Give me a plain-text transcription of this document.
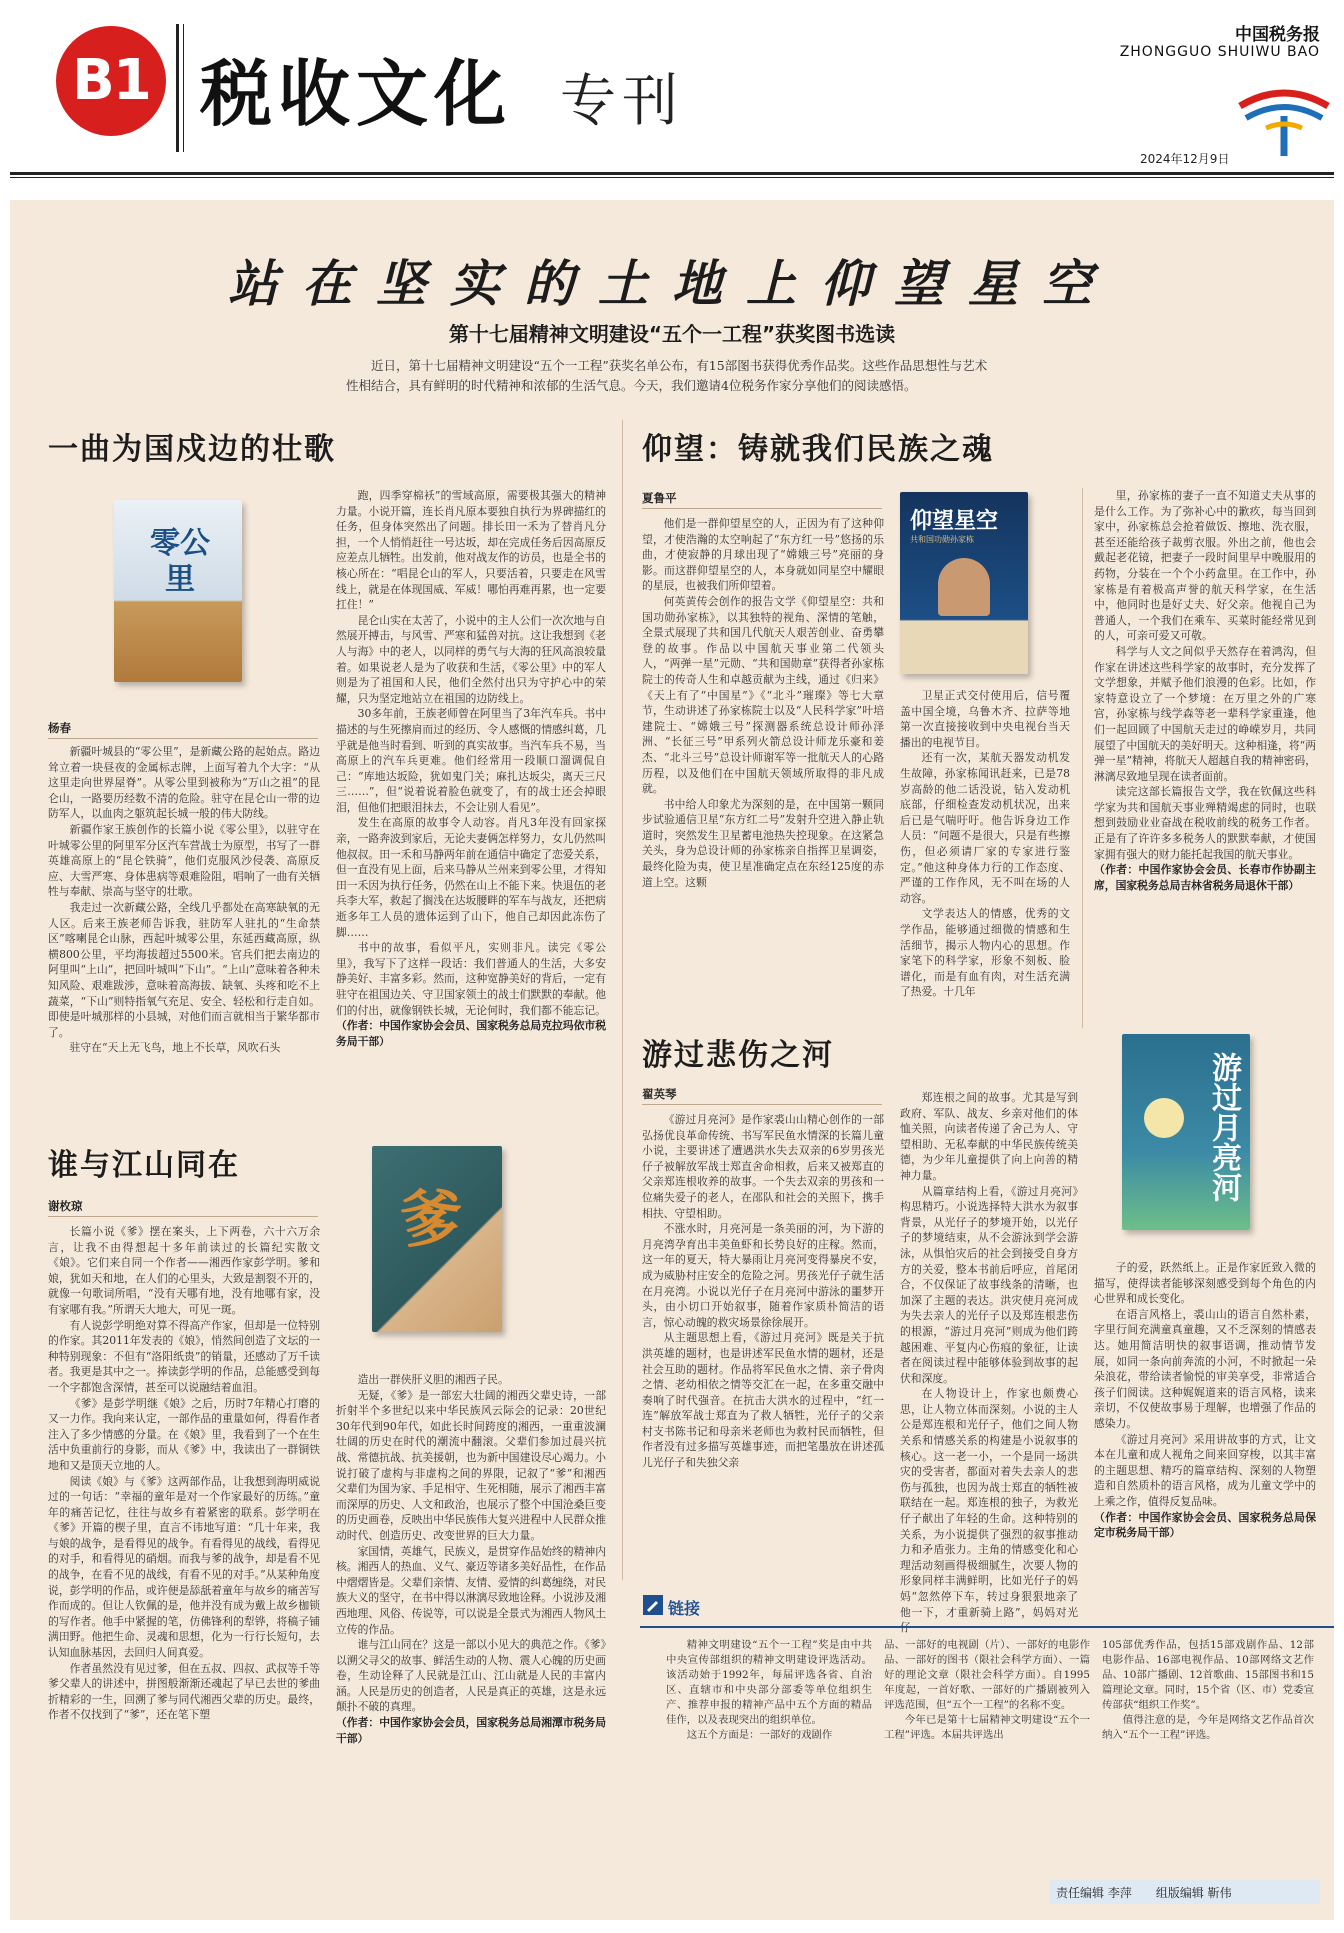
B1 税收文化 专刊
中国税务报
ZHONGGUO SHUIWU BAO
2024年12月9日
站在坚实的土地上仰望星空
第十七届精神文明建设“五个一工程”获奖图书选读
近日，第十七届精神文明建设“五个一工程”获奖名单公布，有15部图书获得优秀作品奖。这些作品思想性与艺术性相结合，具有鲜明的时代精神和浓郁的生活气息。今天，我们邀请4位税务作家分享他们的阅读感悟。
一曲为国戍边的壮歌
零公里
杨春

新疆叶城县的“零公里”，是新藏公路的起始点。路边耸立着一块昼夜的金属标志牌，上面写着九个大字：“从这里走向世界屋脊”。从零公里到被称为“万山之祖”的昆仑山，一路要历经数不清的危险。驻守在昆仑山一带的边防军人，以血肉之躯筑起长城一般的伟大防线。

新疆作家王族创作的长篇小说《零公里》，以驻守在叶城零公里的阿里军分区汽车营战士为原型，书写了一群英雄高原上的“昆仑铁骑”，他们克服风沙侵袭、高原反应、大雪严寒、身体患病等艰难险阻，唱响了一曲有关牺牲与奉献、崇高与坚守的壮歌。

我走过一次新藏公路，全线几乎都处在高寒缺氧的无人区。后来王族老师告诉我，驻防军人驻扎的“生命禁区”喀喇昆仑山脉，西起叶城零公里，东延西藏高原，纵横800公里，平均海拔超过5500米。官兵们把去南边的阿里叫“上山”，把回叶城叫“下山”。“上山”意味着各种未知风险、艰难跋涉，意味着高海拔、缺氧、头疼和吃不上蔬菜，“下山”则特指氧气充足、安全、轻松和行走自如。即使是叶城那样的小县城，对他们而言就相当于繁华都市了。

驻守在“天上无飞鸟，地上不长草，风吹石头

跑，四季穿棉袄”的雪域高原，需要极其强大的精神力量。小说开篇，连长肖凡原本要独自执行为界碑描红的任务，但身体突然出了问题。排长田一禾为了替肖凡分担，一个人悄悄赶往一号达坂，却在完成任务后因高原反应差点儿牺牲。出发前，他对战友作的访员，也是全书的核心所在：“唱昆仑山的军人，只要活着，只要走在风雪线上，就是在体现国威、军威！哪怕再难再累，也一定要扛住！”

昆仑山实在太苦了，小说中的主人公们一次次地与自然展开搏击，与风雪、严寒和猛兽对抗。这让我想到《老人与海》中的老人，以同样的勇气与大海的狂风高浪较量着。如果说老人是为了收获和生活，《零公里》中的军人则是为了祖国和人民，他们全然付出只为守护心中的荣耀，只为坚定地站立在祖国的边防线上。

30多年前，王族老师曾在阿里当了3年汽车兵。书中描述的与生死擦肩而过的经历、令人感慨的情感纠葛，几乎就是他当时看到、听到的真实故事。当汽车兵不易，当高原上的汽车兵更难。他们经常用一段顺口溜调侃自己：“库地达坂险，犹如鬼门关；麻扎达坂尖，离天三尺三……”，但“说着说着脸色就变了，有的战士还会掉眼泪，但他们把眼泪抹去，不会让别人看见”。

发生在高原的故事令人动容。肖凡3年没有回家探亲，一路奔波到家后，无论夫妻俩怎样努力，女儿仍然叫他叔叔。田一禾和马静两年前在通信中确定了恋爱关系，但一直没有见上面，后来马静从兰州来到零公里，才得知田一禾因为执行任务，仍然在山上不能下来。快退伍的老兵李大军，救起了搁浅在达坂腰畔的军车与战友，还把病逝多年工人员的遗体运到了山下，他自己却因此冻伤了脚……

书中的故事，看似平凡，实则非凡。读完《零公里》，我写下了这样一段话：我们普通人的生活，大多安静美好、丰富多彩。然而，这种宽静美好的背后，一定有驻守在祖国边关、守卫国家领土的战士们默默的奉献。他们的付出，就像钢铁长城，无论何时，我们都不能忘记。

（作者：中国作家协会会员、国家税务总局克拉玛依市税务局干部）

谁与江山同在
谢枚琼

长篇小说《爹》摆在案头，上下两卷，六十六万余言，让我不由得想起十多年前读过的长篇纪实散文《娘》。它们来自同一个作者——湘西作家彭学明。爹和娘，犹如天和地，在人们的心里头，大致是割裂不开的，就像一句歌词所唱，“没有天哪有地，没有地哪有家，没有家哪有我。”所谓天大地大，可见一斑。

有人说彭学明绝对算不得高产作家，但却是一位特别的作家。其2011年发表的《娘》，悄然间创造了文坛的一种特别现象：不但有“洛阳纸贵”的销量，还感动了万千读者。我更是其中之一。捧读彭学明的作品，总能感受到每一个字都饱含深情，甚至可以说融结着血泪。

《爹》是彭学明继《娘》之后，历时7年精心打磨的又一力作。我向来认定，一部作品的重量如何，得看作者注入了多少情感的分量。在《娘》里，我看到了一个在生活中负重前行的身影，而从《爹》中，我读出了一群铜铁地和又是顶天立地的人。

阅读《娘》与《爹》这两部作品，让我想到海明威说过的一句话：“幸福的童年是对一个作家最好的历练。”童年的痛苦记忆，往往与故乡有着紧密的联系。彭学明在《爹》开篇的楔子里，直言不讳地写道：“几十年来，我与娘的战争，是看得见的战争。有看得见的战线，看得见的对手，和看得见的硝烟。而我与爹的战争，却是看不见的战争，在看不见的战线，有看不见的对手。”从某种角度说，彭学明的作品，或许便是舔舐着童年与故乡的痛苦写作而成的。但让人钦佩的是，他并没有成为戴上故乡枷锁的写作者。他手中紧握的笔，仿佛锋利的犁铧，将稿子铺满田野。他把生命、灵魂和思想，化为一行行长短句，去认知血脉基因，去回归人间真爱。

作者虽然没有见过爹，但在五叔、四叔、武叔等千等爹父辈人的讲述中，拼图般渐渐还魂起了早已去世的爹曲折精彩的一生，回溯了爹与同代湘西父辈的历史。最终，作者不仅找到了“爹”，还在笔下塑

爹

造出一群侠肝义胆的湘西子民。

无疑，《爹》是一部宏大壮阔的湘西父辈史诗，一部折射半个多世纪以来中华民族风云际会的记录：20世纪30年代到90年代，如此长时间跨度的湘西，一重重波澜壮阔的历史在时代的潮流中翻滚。父辈们参加过晨兴抗战、常德抗战、抗美援朝，也为新中国建设尽心竭力。小说打破了虚构与非虚构之间的界限，记叙了“爹”和湘西父辈们为国为家、手足相守、生死相随，展示了湘西丰富而深厚的历史、人文和政治，也展示了整个中国沧桑巨变的历史画卷，反映出中华民族伟大复兴进程中人民群众推动时代、创造历史、改变世界的巨大力量。

家国情，英雄气，民族义，是贯穿作品始终的精神内核。湘西人的热血、义气、豪迈等诸多美好品性，在作品中熠熠皆是。父辈们亲情、友情、爱情的纠葛缠绕，对民族大义的坚守，在书中得以淋漓尽致地诠释。小说涉及湘西地理、风俗、传说等，可以说是全景式为湘西人物风土立传的作品。

谁与江山同在？这是一部以小见大的典范之作。《爹》以溯父寻父的故事、鲜活生动的人物、震人心魄的历史画卷，生动诠释了人民就是江山、江山就是人民的丰富内涵。人民是历史的创造者，人民是真正的英雄，这是永远颠扑不破的真理。

（作者：中国作家协会会员，国家税务总局湘潭市税务局干部）

仰望：铸就我们民族之魂
夏鲁平

他们是一群仰望星空的人，正因为有了这种仰望，才使浩瀚的太空响起了“东方红一号”悠扬的乐曲，才使寂静的月球出现了“嫦娥三号”亮丽的身影。而这群仰望星空的人，本身就如同星空中耀眼的星辰，也被我们所仰望着。

何英黄传会创作的报告文学《仰望星空：共和国功勋孙家栋》，以其独特的视角、深情的笔触，全景式展现了共和国几代航天人艰苦创业、奋勇攀登的故事。作品以中国航天事业第二代领头人，“两弹一星”元勋、“共和国勋章”获得者孙家栋院士的传奇人生和卓越贡献为主线，通过《归来》《天上有了“中国星”》《“北斗”璀璨》等七大章节，生动讲述了孙家栋院士以及“人民科学家”叶培建院士、“嫦娥三号”探测器系统总设计师孙泽洲、“长征三号”甲系列火箭总设计师龙乐豪和姜杰、“北斗三号”总设计师谢军等一批航天人的心路历程，以及他们在中国航天领域所取得的非凡成就。

书中给人印象尤为深刻的是，在中国第一颗同步试验通信卫星“东方红二号”发射升空进入静止轨道时，突然发生卫星蓄电池热失控现象。在这紧急关头，身为总设计师的孙家栋亲自指挥卫星调姿，最终化险为夷，使卫星准确定点在东经125度的赤道上空。这颗

仰望星空
共和国功勋孙家栋

卫星正式交付使用后，信号覆盖中国全境，乌鲁木齐、拉萨等地第一次直接接收到中央电视台当天播出的电视节目。

还有一次，某航天器发动机发生故障，孙家栋闻讯赶来，已是78岁高龄的他二话没说，钻入发动机底部，仔细检查发动机状况，出来后已是气喘吁吁。他告诉身边工作人员：“问题不是很大，只是有些擦伤，但必须请厂家的专家进行鉴定。”他这种身体力行的工作态度、严谨的工作作风，无不叫在场的人动容。

文学表达人的情感，优秀的文学作品，能够通过细微的情感和生活细节，揭示人物内心的思想。作家笔下的科学家，形象不刻板、脸谱化，而是有血有肉，对生活充满了热爱。十几年

里，孙家栋的妻子一直不知道丈夫从事的是什么工作。为了弥补心中的歉疚，每当回到家中，孙家栋总会抢着做饭、擦地、洗衣服，甚至还能给孩子裁剪衣服。外出之前，他也会戴起老花镜，把妻子一段时间里早中晚服用的药物，分装在一个个小药盒里。在工作中，孙家栋是有着极高声誉的航天科学家，在生活中，他同时也是好丈夫、好父亲。他视自己为普通人，一个我们在乘车、买菜时能经常见到的人，可亲可爱又可敬。

科学与人文之间似乎天然存在着鸿沟，但作家在讲述这些科学家的故事时，充分发挥了文学想象，并赋予他们浪漫的色彩。比如，作家特意设立了一个梦境：在万里之外的广寒宫，孙家栋与线学森等老一辈科学家重逢，他们一起回顾了中国航天走过的峥嵘岁月，共同展望了中国航天的美好明天。这种相逢，将“两弹一星”精神，将航天人超越自我的精神密码，淋漓尽致地呈现在读者面前。

读完这部长篇报告文学，我在钦佩这些科学家为共和国航天事业殚精竭虑的同时，也联想到鼓励业业奋战在税收前线的税务工作者。正是有了许许多多税务人的默默奉献，才使国家拥有强大的财力能托起我国的航天事业。

（作者：中国作家协会会员、长春市作协副主席，国家税务总局吉林省税务局退休干部）

游过悲伤之河
翟英琴

《游过月亮河》是作家裘山山精心创作的一部弘扬优良革命传统、书写军民鱼水情深的长篇儿童小说，主要讲述了遭遇洪水失去双亲的6岁男孩光仔子被解放军战士郑直舍命相救，后来又被郑直的父亲郑连根收养的故事。一个失去双亲的男孩和一位痛失爱子的老人，在邵队和社会的关照下，携手相扶、守望相助。

不涨水时，月亮河是一条美丽的河，为下游的月亮湾孕育出丰美鱼虾和长势良好的庄稼。然而，这一年的夏天，特大暴雨让月亮河变得暴戾不安，成为威胁村庄安全的危险之河。男孩光仔子就生活在月亮湾。小说以光仔子在月亮河中游泳的噩梦开头，由小切口开始叙事，随着作家质朴简洁的语言，惊心动魄的救灾场景徐徐展开。

从主题思想上看，《游过月亮河》既是关于抗洪英雄的题材，也是讲述军民鱼水情的题材，还是社会互助的题材。作品将军民鱼水之情、亲子骨肉之情、老幼相依之情等交汇在一起，在多重交融中奏响了时代强音。在抗击大洪水的过程中，“红一连”解放军战士郑直为了救人牺牲，光仔子的父亲村支书陈书记和母亲米老师也为救村民而牺牲，但作者没有过多描写英雄事迹，而把笔墨放在讲述孤儿光仔子和失独父亲

郑连根之间的故事。尤其是写到政府、军队、战友、乡亲对他们的体恤关照，向读者传递了舍己为人、守望相助、无私奉献的中华民族传统美德，为少年儿童提供了向上向善的精神力量。

从篇章结构上看，《游过月亮河》构思精巧。小说选择特大洪水为叙事背景，从光仔子的梦境开始，以光仔子的梦境结束，从不会游泳到学会游泳，从惧怕灾后的社会到接受自身方方的关爱，整本书前后呼应，首尾闭合，不仅保证了故事线条的清晰，也加深了主题的表达。洪灾使月亮河成为失去亲人的光仔子以及郑连根悲伤的根源，“游过月亮河”则成为他们跨越困难、平复内心伤痕的象征，让读者在阅读过程中能够体验到故事的起伏和深度。

在人物设计上，作家也颇费心思，让人物立体而深刻。小说的主人公是郑连根和光仔子，他们之间人物关系和情感关系的构建是小说叙事的核心。这一老一小，一个是同一场洪灾的受害者，都面对着失去亲人的悲伤与孤独，也因为战士郑直的牺牲被联结在一起。郑连根的独子，为救光仔子献出了年轻的生命。这种特别的关系，为小说提供了强烈的叙事推动力和矛盾张力。主角的情感变化和心理活动刻画得极细腻生，次要人物的形象同样丰满鲜明，比如光仔子的妈妈“忽然停下车，转过身狠狠地亲了他一下，才重新骑上路”，妈妈对光

游过月亮河

子的爱，跃然纸上。正是作家匠致入微的描写，使得读者能够深刻感受到每个角色的内心世界和成长变化。

在语言风格上，裘山山的语言自然朴素，字里行间充满童真童趣，又不乏深刻的情感表达。她用简洁明快的叙事语调，推动情节发展，如同一条向前奔流的小河，不时掀起一朵朵浪花，带给读者愉悦的审美享受，非常适合孩子们阅读。这种娓娓道来的语言风格，读来亲切，不仅使故事易于理解，也增强了作品的感染力。

《游过月亮河》采用讲故事的方式，让文本在儿童和成人视角之间来回穿梭，以其丰富的主题思想、精巧的篇章结构、深刻的人物塑造和自然质朴的语言风格，成为儿童文学中的上乘之作，值得反复品味。

（作者：中国作家协会会员、国家税务总局保定市税务局干部）

链接

精神文明建设“五个一工程”奖是由中共中央宣传部组织的精神文明建设评选活动。该活动始于1992年，每届评选各省、自治区、直辖市和中央部分部委等单位组织生产、推荐申报的精神产品中五个方面的精品佳作，以及表现突出的组织单位。

这五个方面是：一部好的戏剧作

品、一部好的电视剧（片）、一部好的电影作品、一部好的图书（限社会科学方面）、一篇好的理论文章（限社会科学方面）。自1995年度起，一首好歌、一部好的广播剧被列入评选范围，但“五个一工程”的名称不变。

今年已是第十七届精神文明建设“五个一工程”评选。本届共评选出

105部优秀作品，包括15部戏剧作品、12部电影作品、16部电视作品、10部网络文艺作品、10部广播剧、12首歌曲、15部图书和15篇理论文章。同时，15个省（区、市）党委宣传部获“组织工作奖”。

值得注意的是，今年是网络文艺作品首次纳入“五个一工程”评选。

责任编辑 李萍　　组版编辑 靳伟
